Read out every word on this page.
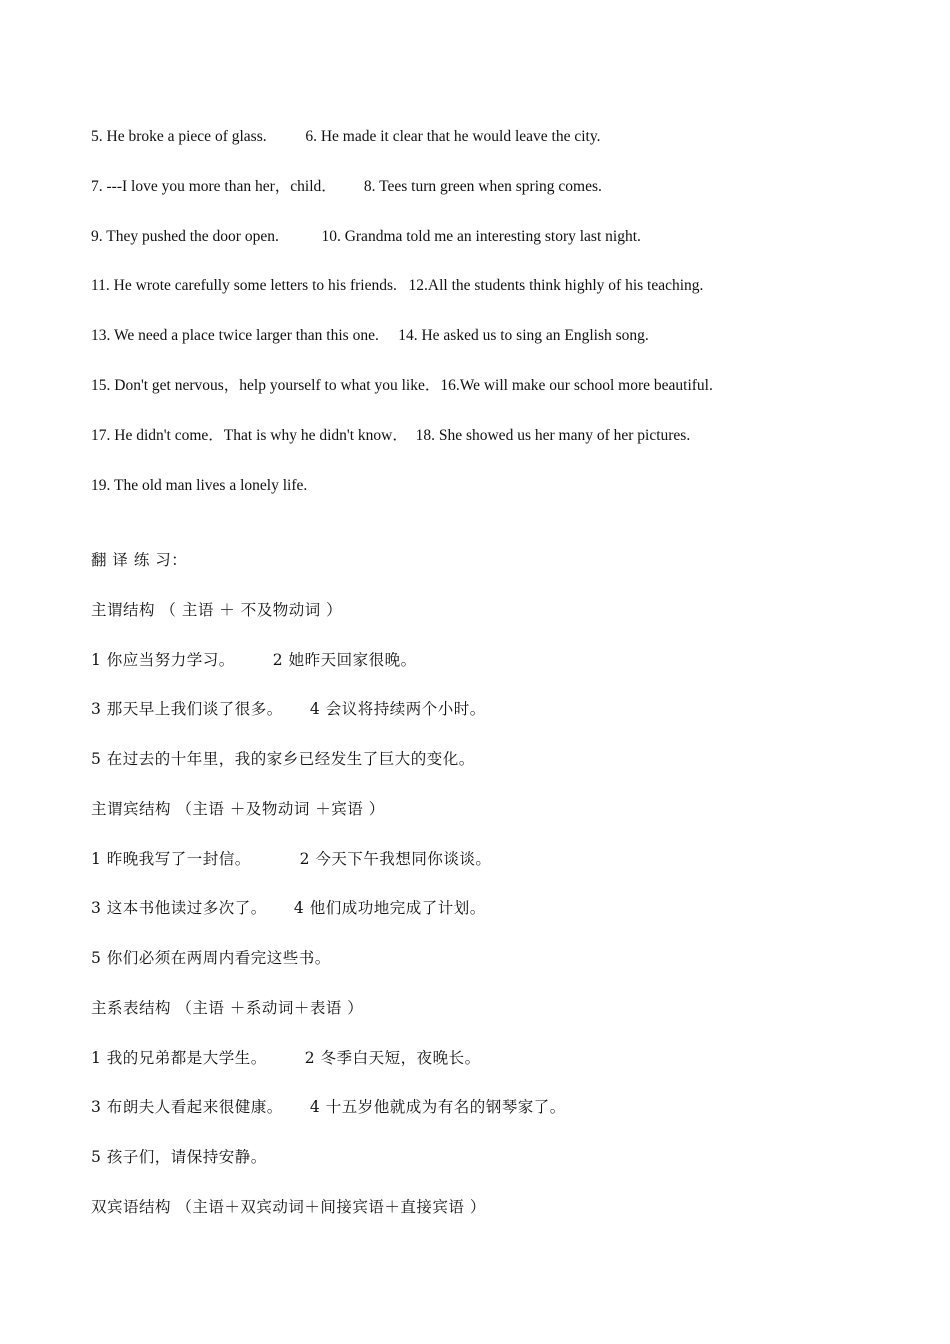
5. He broke a piece of glass.          6. He made it clear that he would leave the city.
7. ---I love you more than her，child．       8. Tees turn green when spring comes.
9. They pushed the door open.           10. Grandma told me an interesting story last night.
11. He wrote carefully some letters to his friends.   12.All the students think highly of his teaching.
13. We need a place twice larger than this one.     14. He asked us to sing an English song.
15. Don't get nervous，help yourself to what you like．16.We will make our school more beautiful.
17. He didn't come．That is why he didn't know．  18. She showed us her many of her pictures.
19. The old man lives a lonely life.
翻 译 练 习：
主谓结构 （ 主语 ＋ 不及物动词 ）
1 你应当努力学习。       2 她昨天回家很晚。
3 那天早上我们谈了很多。     4 会议将持续两个小时。
5 在过去的十年里，我的家乡已经发生了巨大的变化。
主谓宾结构 （主语 ＋及物动词 ＋宾语 ）
1 昨晚我写了一封信。         2 今天下午我想同你谈谈。
3 这本书他读过多次了。     4 他们成功地完成了计划。
5 你们必须在两周内看完这些书。
主系表结构 （主语 ＋系动词＋表语 ）
1 我的兄弟都是大学生。       2 冬季白天短，夜晚长。
3 布朗夫人看起来很健康。     4 十五岁他就成为有名的钢琴家了。
5 孩子们，请保持安静。
双宾语结构 （主语＋双宾动词＋间接宾语＋直接宾语 ）
